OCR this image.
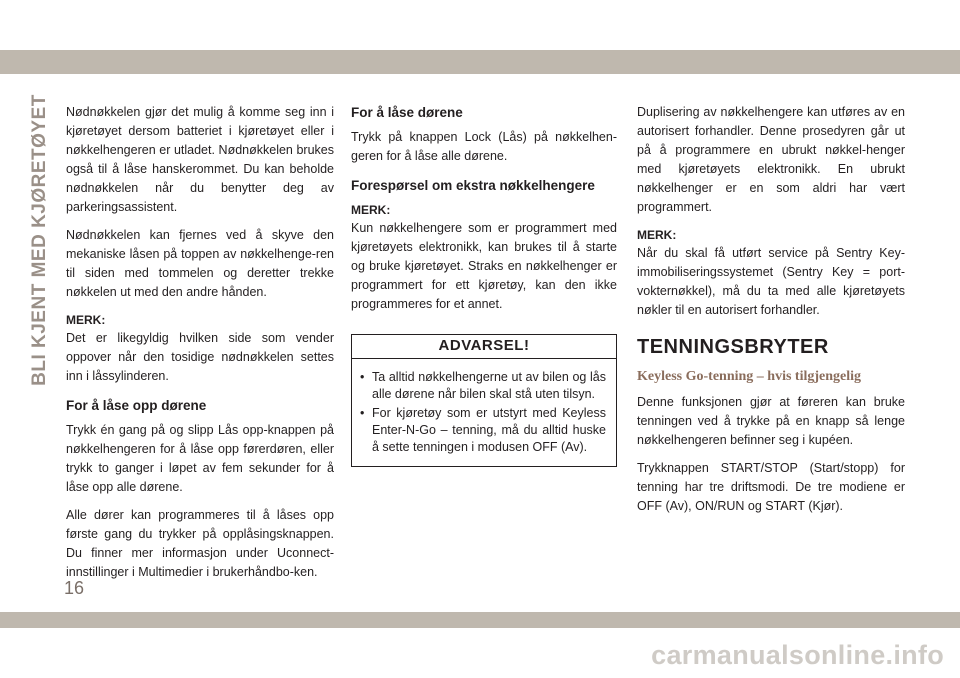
BLI KJENT MED KJØRETØYET Nødnøkkelen gjør det mulig å komme seg inn i kjøretøyet dersom batteriet i kjøretøyet eller i nøkkelhengeren er utladet. Nødnøkkelen brukes også til å låse hanskerommet. Du kan beholde nødnøkkelen når du benytter deg av parkeringsassistent.

Nødnøkkelen kan fjernes ved å skyve den mekaniske låsen på toppen av nøkkelhenge-ren til siden med tommelen og deretter trekke nøkkelen ut med den andre hånden.

MERK:

Det er likegyldig hvilken side som vender oppover når den tosidige nødnøkkelen settes inn i låssylinderen.

For å låse opp dørene

Trykk én gang på og slipp Lås opp-knappen på nøkkelhengeren for å låse opp førerdøren, eller trykk to ganger i løpet av fem sekunder for å låse opp alle dørene.

Alle dører kan programmeres til å låses opp første gang du trykker på opplåsingsknappen. Du finner mer informasjon under Uconnect-innstillinger i Multimedier i brukerhåndbo-ken.

For å låse dørene

Trykk på knappen Lock (Lås) på nøkkelhen-geren for å låse alle dørene.

Forespørsel om ekstra nøkkelhengere

MERK:

Kun nøkkelhengere som er programmert med kjøretøyets elektronikk, kan brukes til å starte og bruke kjøretøyet. Straks en nøkkelhenger er programmert for ett kjøretøy, kan den ikke programmeres for et annet.

ADVARSEL!
• Ta alltid nøkkelhengerne ut av bilen og lås alle dørene når bilen skal stå uten tilsyn.
• For kjøretøy som er utstyrt med Keyless Enter-N-Go – tenning, må du alltid huske å sette tenningen i modusen OFF (Av).

Duplisering av nøkkelhengere kan utføres av en autorisert forhandler. Denne prosedyren går ut på å programmere en ubrukt nøkkel-henger med kjøretøyets elektronikk. En ubrukt nøkkelhenger er en som aldri har vært programmert.

MERK:

Når du skal få utført service på Sentry Key-immobiliseringssystemet (Sentry Key = port-vokternøkkel), må du ta med alle kjøretøyets nøkler til en autorisert forhandler.

TENNINGSBRYTER
Keyless Go-tenning – hvis tilgjengelig

Denne funksjonen gjør at føreren kan bruke tenningen ved å trykke på en knapp så lenge nøkkelhengeren befinner seg i kupéen.

Trykknappen START/STOP (Start/stopp) for tenning har tre driftsmodi. De tre modiene er OFF (Av), ON/RUN og START (Kjør).

16
carmanualsonline.info
